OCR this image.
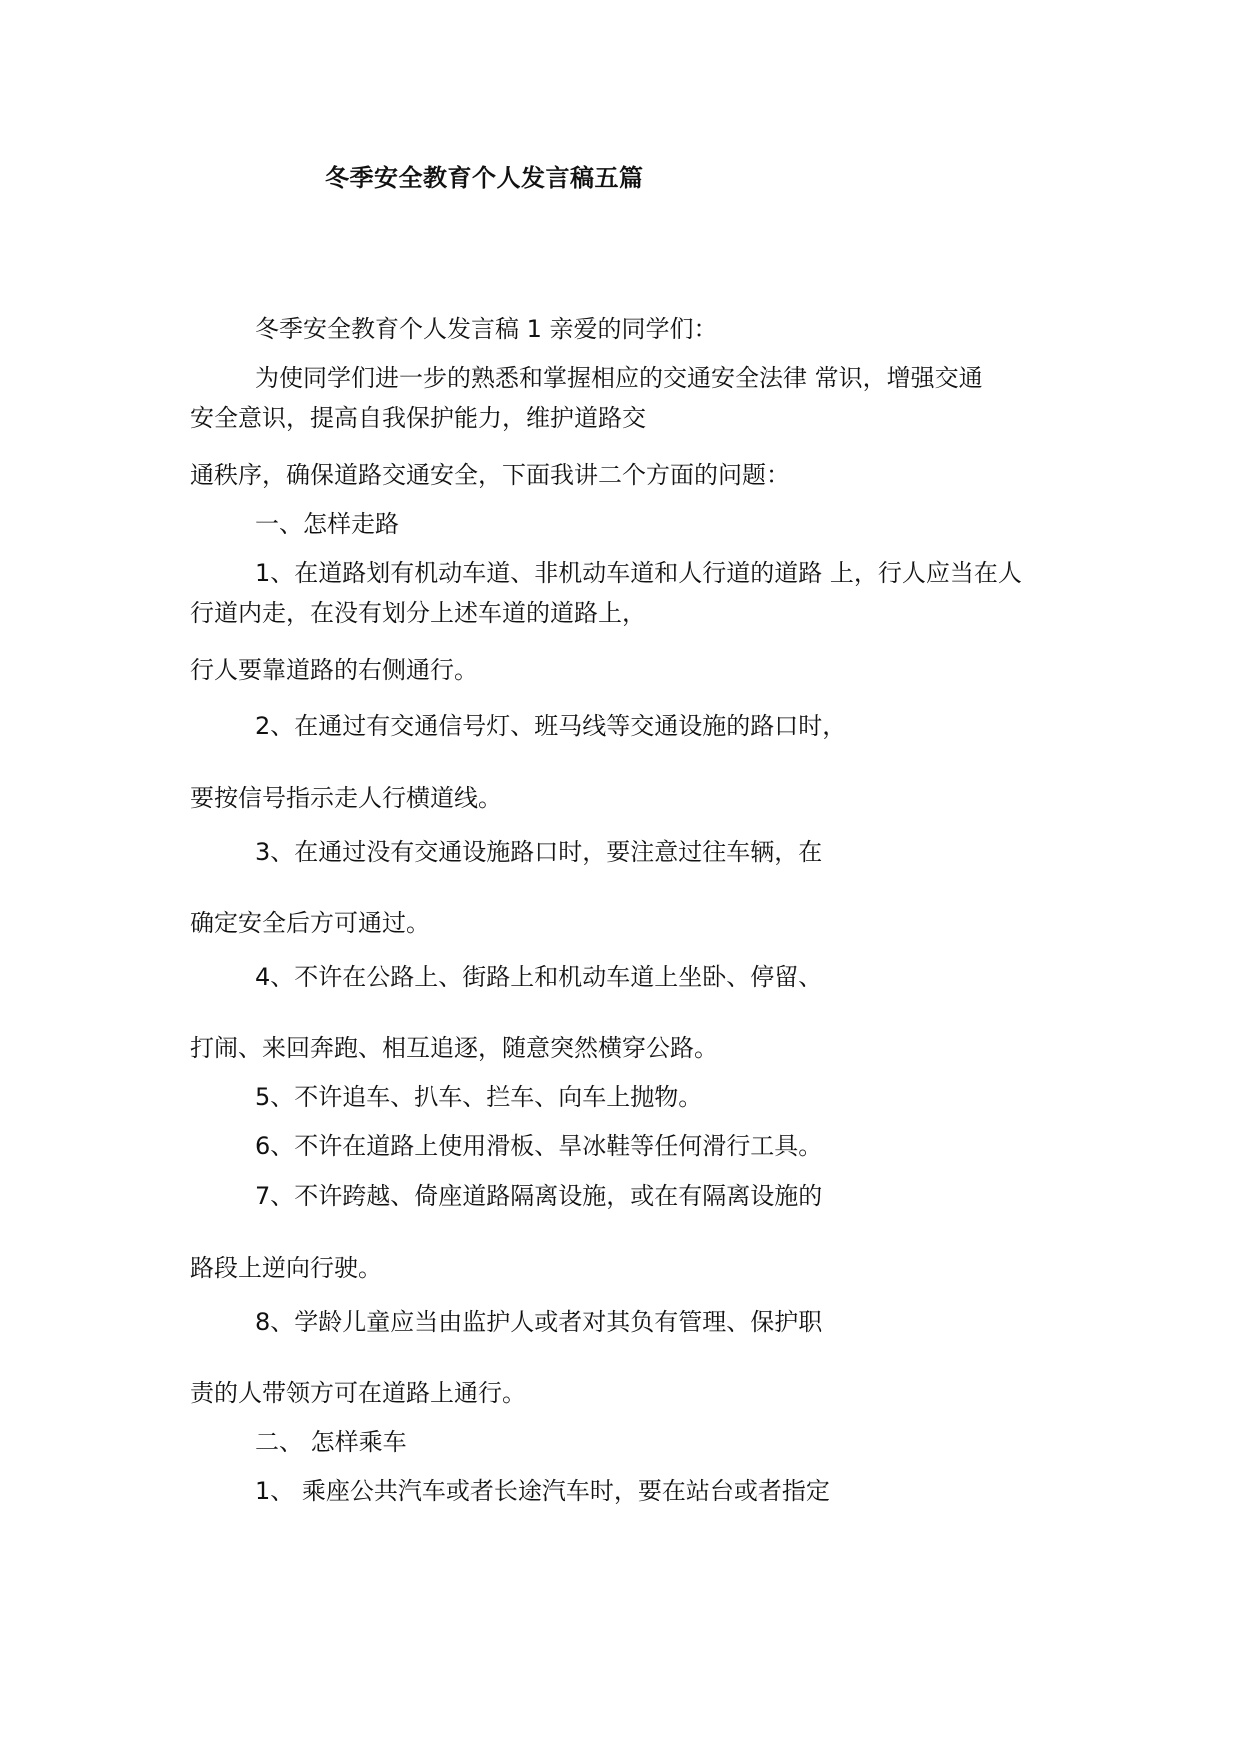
冬季安全教育个人发言稿五篇
冬季安全教育个人发言稿 1 亲爱的同学们：
为使同学们进一步的熟悉和掌握相应的交通安全法律 常识，增强交通
安全意识，提高自我保护能力，维护道路交
通秩序，确保道路交通安全，下面我讲二个方面的问题：
一、怎样走路
1、在道路划有机动车道、非机动车道和人行道的道路 上，行人应当在人
行道内走，在没有划分上述车道的道路上，
行人要靠道路的右侧通行。
2、在通过有交通信号灯、班马线等交通设施的路口时，
要按信号指示走人行横道线。
3、在通过没有交通设施路口时，要注意过往车辆，在
确定安全后方可通过。
4、不许在公路上、街路上和机动车道上坐卧、停留、
打闹、来回奔跑、相互追逐，随意突然横穿公路。
5、不许追车、扒车、拦车、向车上抛物。
6、不许在道路上使用滑板、旱冰鞋等任何滑行工具。
7、不许跨越、倚座道路隔离设施，或在有隔离设施的
路段上逆向行驶。
8、学龄儿童应当由监护人或者对其负有管理、保护职
责的人带领方可在道路上通行。
二、 怎样乘车
1、 乘座公共汽车或者长途汽车时，要在站台或者指定
